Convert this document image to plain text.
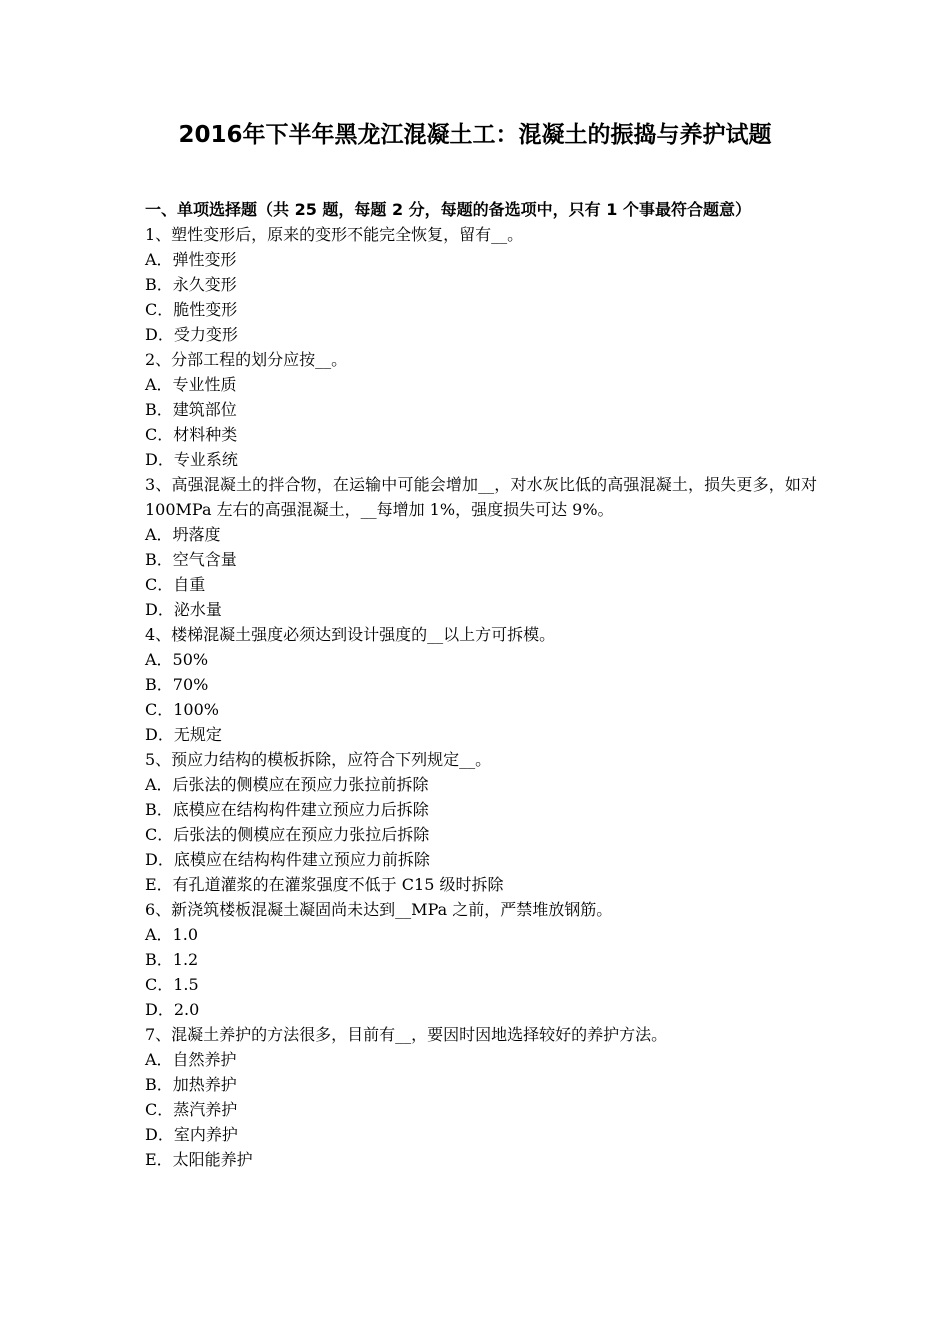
2016年下半年黑龙江混凝土工：混凝土的振捣与养护试题
一、单项选择题（共 25 题，每题 2 分，每题的备选项中，只有 1 个事最符合题意）
1、塑性变形后，原来的变形不能完全恢复，留有__。
A．弹性变形
B．永久变形
C．脆性变形
D．受力变形
2、分部工程的划分应按__。
A．专业性质
B．建筑部位
C．材料种类
D．专业系统
3、高强混凝土的拌合物，在运输中可能会增加__，对水灰比低的高强混凝土，损失更多，如对 100MPa 左右的高强混凝土，__每增加 1%，强度损失可达 9%。
A．坍落度
B．空气含量
C．自重
D．泌水量
4、楼梯混凝土强度必须达到设计强度的__以上方可拆模。
A．50%
B．70%
C．100%
D．无规定
5、预应力结构的模板拆除，应符合下列规定__。
A．后张法的侧模应在预应力张拉前拆除
B．底模应在结构构件建立预应力后拆除
C．后张法的侧模应在预应力张拉后拆除
D．底模应在结构构件建立预应力前拆除
E．有孔道灌浆的在灌浆强度不低于 C15 级时拆除
6、新浇筑楼板混凝土凝固尚未达到__MPa 之前，严禁堆放钢筋。
A．1.0
B．1.2
C．1.5
D．2.0
7、混凝土养护的方法很多，目前有__，要因时因地选择较好的养护方法。
A．自然养护
B．加热养护
C．蒸汽养护
D．室内养护
E．太阳能养护
